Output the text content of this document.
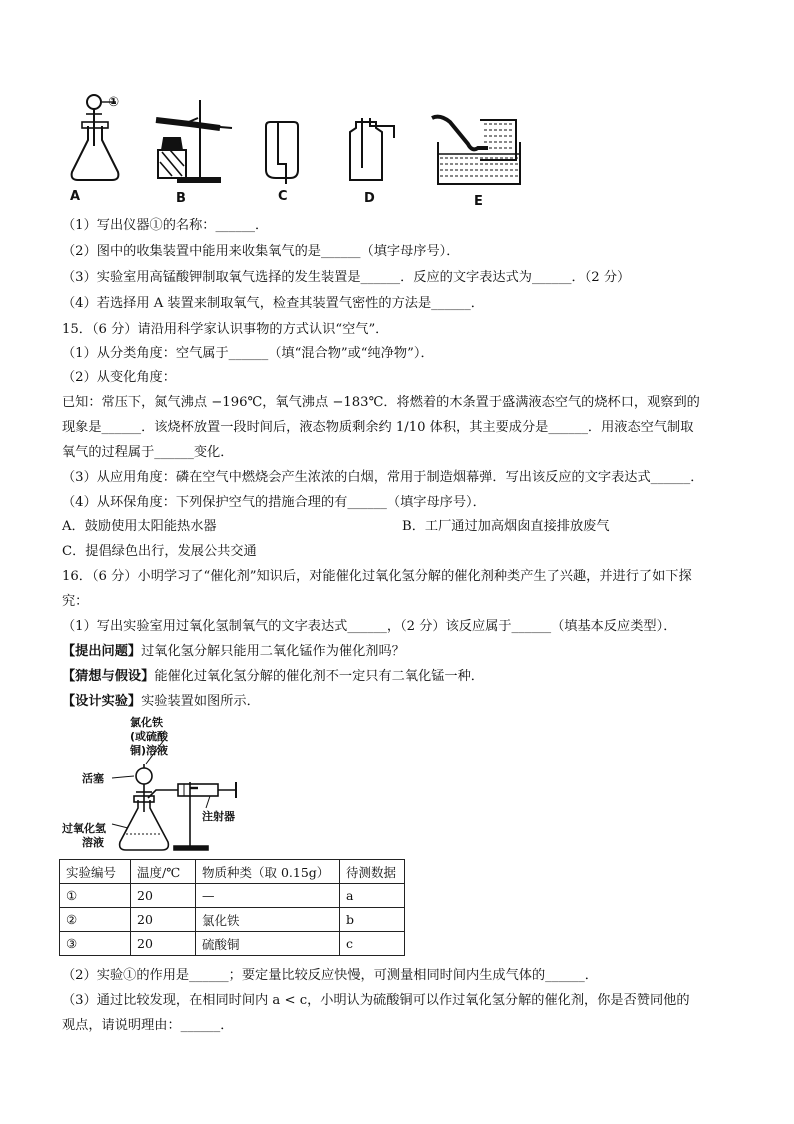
A	B	C	D	E
①
（1）写出仪器①的名称：______．
（2）图中的收集装置中能用来收集氧气的是______（填字母序号）．
（3）实验室用高锰酸钾制取氧气选择的发生装置是______．反应的文字表达式为______．（2 分）
（4）若选择用 A 装置来制取氧气，检查其装置气密性的方法是______．
15．（6 分）请沿用科学家认识事物的方式认识“空气”．
（1）从分类角度：空气属于______（填“混合物”或“纯净物”）．
（2）从变化角度：
已知：常压下，氮气沸点 −196℃，氧气沸点 −183℃．将燃着的木条置于盛满液态空气的烧杯口，观察到的
现象是______．该烧杯放置一段时间后，液态物质剩余约 1/10 体积，其主要成分是______．用液态空气制取
氧气的过程属于______变化．
（3）从应用角度：磷在空气中燃烧会产生浓浓的白烟，常用于制造烟幕弹．写出该反应的文字表达式______．
（4）从环保角度：下列保护空气的措施合理的有______（填字母序号）．
A．鼓励使用太阳能热水器	B．工厂通过加高烟囱直接排放废气
C．提倡绿色出行，发展公共交通
16．（6 分）小明学习了“催化剂”知识后，对能催化过氧化氢分解的催化剂种类产生了兴趣，并进行了如下探
究：
（1）写出实验室用过氧化氢制氧气的文字表达式______，（2 分）该反应属于______（填基本反应类型）．
【提出问题】过氧化氢分解只能用二氧化锰作为催化剂吗？
【猜想与假设】能催化过氧化氢分解的催化剂不一定只有二氧化锰一种．
【设计实验】实验装置如图所示．
氯化铁
(或硫酸
铜)溶液
活塞
注射器
过氧化氢
溶液
实验编号	温度/℃	物质种类（取 0.15g）	待测数据
①	20	—	a
②	20	氯化铁	b
③	20	硫酸铜	c
（2）实验①的作用是______；要定量比较反应快慢，可测量相同时间内生成气体的______．
（3）通过比较发现，在相同时间内 a < c，小明认为硫酸铜可以作过氧化氢分解的催化剂，你是否赞同他的
观点，请说明理由：______．
